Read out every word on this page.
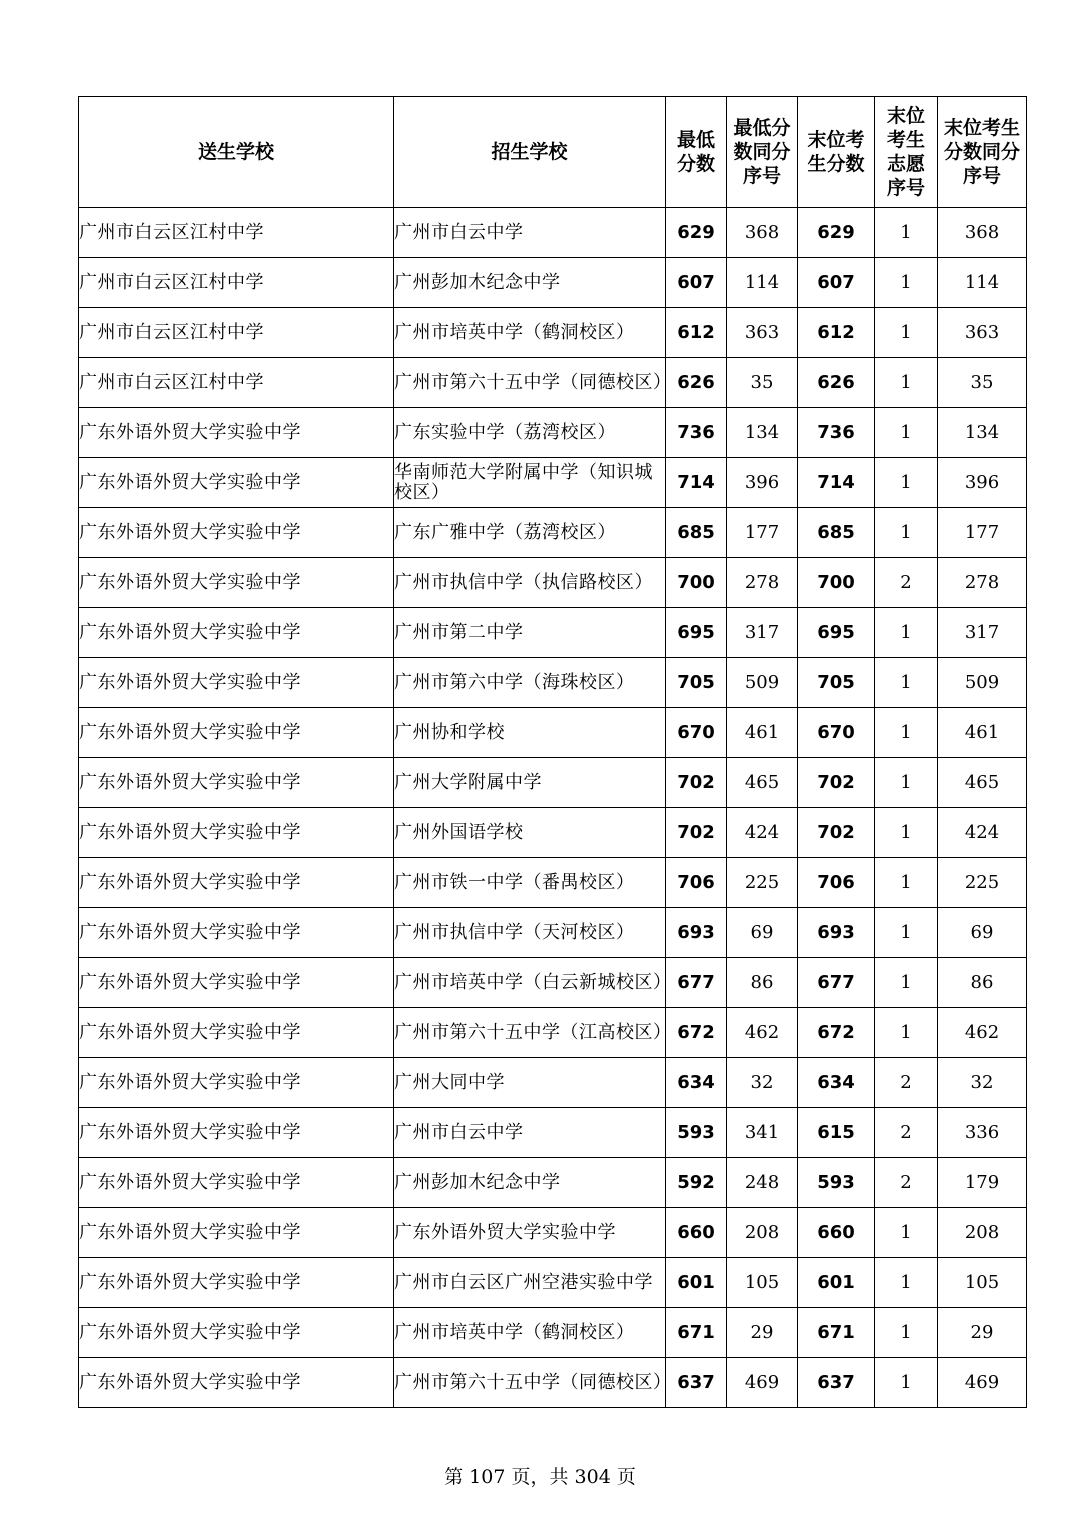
送生学校	招生学校	最低分数	最低分数同分序号	末位考生分数	末位考生志愿序号	末位考生分数同分序号
广州市白云区江村中学	广州市白云中学	629	368	629	1	368
广州市白云区江村中学	广州彭加木纪念中学	607	114	607	1	114
广州市白云区江村中学	广州市培英中学（鹤洞校区）	612	363	612	1	363
广州市白云区江村中学	广州市第六十五中学（同德校区）	626	35	626	1	35
广东外语外贸大学实验中学	广东实验中学（荔湾校区）	736	134	736	1	134
广东外语外贸大学实验中学	华南师范大学附属中学（知识城校区）	714	396	714	1	396
广东外语外贸大学实验中学	广东广雅中学（荔湾校区）	685	177	685	1	177
广东外语外贸大学实验中学	广州市执信中学（执信路校区）	700	278	700	2	278
广东外语外贸大学实验中学	广州市第二中学	695	317	695	1	317
广东外语外贸大学实验中学	广州市第六中学（海珠校区）	705	509	705	1	509
广东外语外贸大学实验中学	广州协和学校	670	461	670	1	461
广东外语外贸大学实验中学	广州大学附属中学	702	465	702	1	465
广东外语外贸大学实验中学	广州外国语学校	702	424	702	1	424
广东外语外贸大学实验中学	广州市铁一中学（番禺校区）	706	225	706	1	225
广东外语外贸大学实验中学	广州市执信中学（天河校区）	693	69	693	1	69
广东外语外贸大学实验中学	广州市培英中学（白云新城校区）	677	86	677	1	86
广东外语外贸大学实验中学	广州市第六十五中学（江高校区）	672	462	672	1	462
广东外语外贸大学实验中学	广州大同中学	634	32	634	2	32
广东外语外贸大学实验中学	广州市白云中学	593	341	615	2	336
广东外语外贸大学实验中学	广州彭加木纪念中学	592	248	593	2	179
广东外语外贸大学实验中学	广东外语外贸大学实验中学	660	208	660	1	208
广东外语外贸大学实验中学	广州市白云区广州空港实验中学	601	105	601	1	105
广东外语外贸大学实验中学	广州市培英中学（鹤洞校区）	671	29	671	1	29
广东外语外贸大学实验中学	广州市第六十五中学（同德校区）	637	469	637	1	469
第 107 页，共 304 页
